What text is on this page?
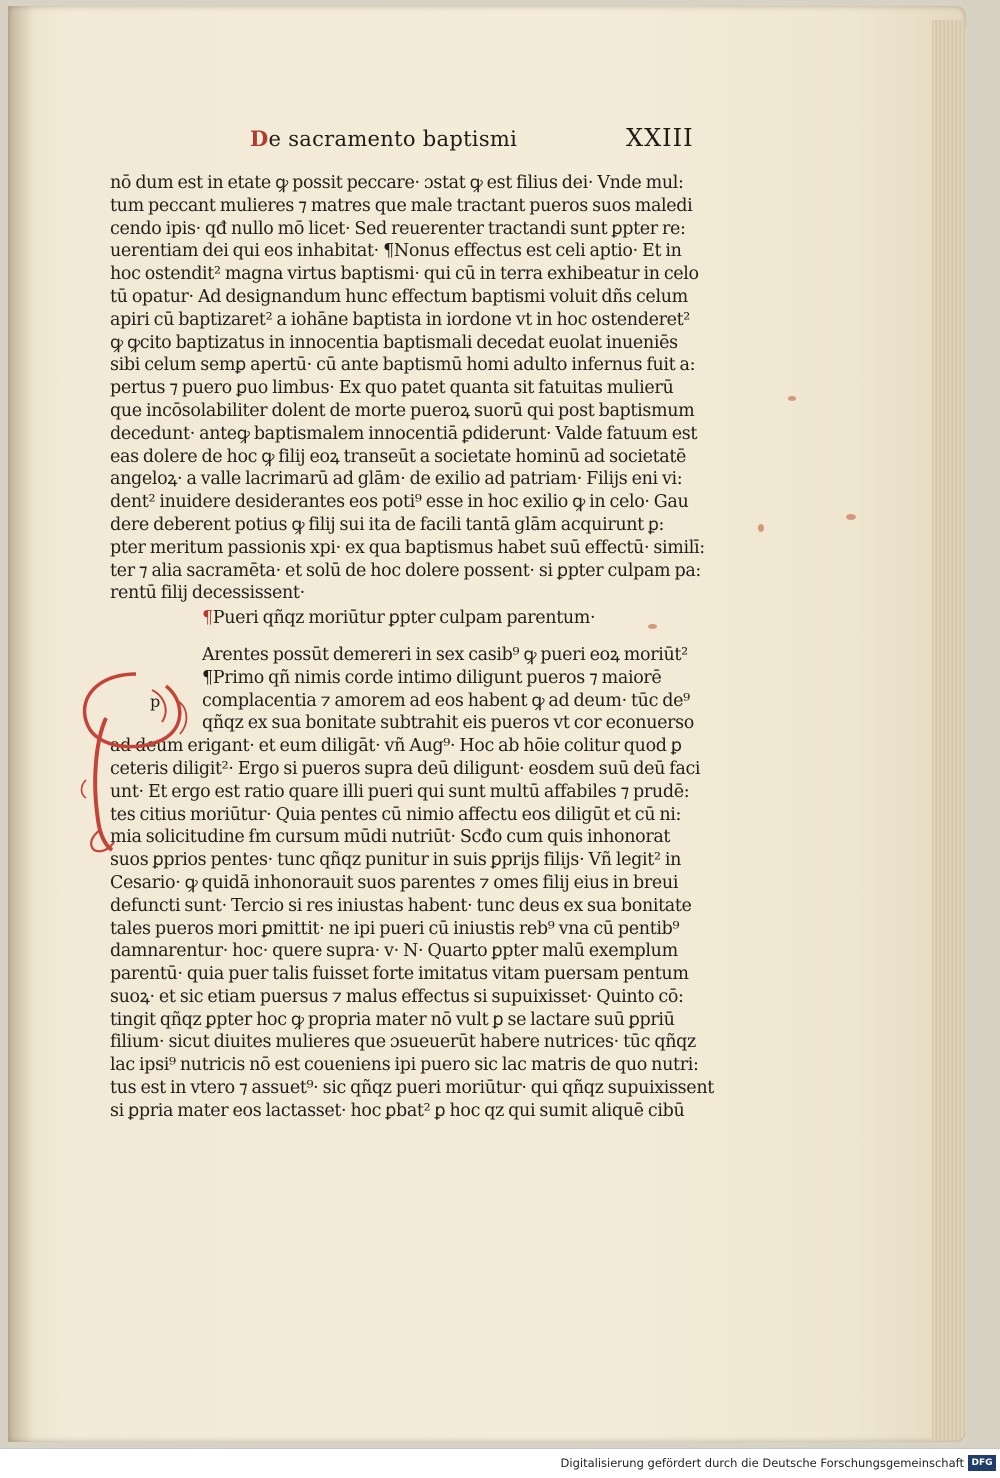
De sacramento baptismi	XXIII
nō dum est in etate ꝙ possit peccare· ɔstat ꝙ est filius dei· Vnde mul:
tum peccant mulieres ⁊ matres que male tractant pueros suos maledi
cendo ipis· qđ nullo mō licet· Sed reuerenter tractandi sunt ꝑpter re:
uerentiam dei qui eos inhabitat· ¶Nonus effectus est celi aptio· Et in
hoc ostendit² magna virtus baptismi· qui cū in terra exhibeatur in celo
tū opatur· Ad designandum hunc effectum baptismi voluit dñs celum
apiri cū baptizaret² a iohāne baptista in iordone vt in hoc ostenderet²
ꝙ ꝙcito baptizatus in innocentia baptismali decedat euolat inueniēs
sibi celum semꝑ apertū· cū ante baptismū homi adulto infernus fuit a:
pertus ⁊ puero ꝑuo limbus· Ex quo patet quanta sit fatuitas mulierū
que incōsolabiliter dolent de morte pueroꝝ suorū qui post baptismum
decedunt· anteꝙ baptismalem innocentiā ꝑdiderunt· Valde fatuum est
eas dolere de hoc ꝙ filij eoꝝ transeūt a societate hominū ad societatē
angeloꝝ· a valle lacrimarū ad glām· de exilio ad patriam· Filijs eni vi:
dent² inuidere desiderantes eos poti⁹ esse in hoc exilio ꝙ in celo· Gau
dere deberent potius ꝙ filij sui ita de facili tantā glām acquirunt ꝑ:
pter meritum passionis xpi· ex qua baptismus habet suū effectū· similī:
ter ⁊ alia sacramēta· et solū de hoc dolere possent· si ꝑpter culpam pa:
rentū filij decessissent·
¶Pueri qñqz moriūtur ꝑpter culpam parentum·
Arentes possūt demereri in sex casib⁹ ꝙ pueri eoꝝ moriūt²
¶Primo qñ nimis corde intimo diligunt pueros ⁊ maiorē
complacentia ⁊ amorem ad eos habent ꝙ ad deum· tūc de⁹
qñqz ex sua bonitate subtrahit eis pueros vt cor econuerso
ad deum erigant· et eum diligāt· vñ Aug⁹· Hoc ab hōie colitur quod ꝑ
ceteris diligit²· Ergo si pueros supra deū diligunt· eosdem suū deū faci
unt· Et ergo est ratio quare illi pueri qui sunt multū affabiles ⁊ prudē:
tes citius moriūtur· Quia pentes cū nimio affectu eos diligūt et cū ni:
mia solicitudine ẜm cursum mūdi nutriūt· Scđo cum quis inhonorat
suos ꝑprios pentes· tunc qñqz punitur in suis ꝑprijs filijs· Vñ legit² in
Cesario· ꝙ quidā inhonorauit suos parentes ⁊ omes filij eius in breui
defuncti sunt· Tercio si res iniustas habent· tunc deus ex sua bonitate
tales pueros mori ꝑmittit· ne ipi pueri cū iniustis reb⁹ vna cū pentib⁹
damnarentur· hoc· quere supra· v· N· Quarto ꝑpter malū exemplum
parentū· quia puer talis fuisset forte imitatus vitam puersam pentum
suoꝝ· et sic etiam puersus ⁊ malus effectus si supuixisset· Quinto cō:
tingit qñqz ꝑpter hoc ꝙ propria mater nō vult ꝑ se lactare suū ꝑpriū
filium· sicut diuites mulieres que ɔsueuerūt habere nutrices· tūc qñqz
lac ipsi⁹ nutricis nō est coueniens ipi puero sic lac matris de quo nutri:
tus est in vtero ⁊ assuet⁹· sic qñqz pueri moriūtur· qui qñqz supuixissent
si ꝑpria mater eos lactasset· hoc ꝑbat² ꝑ hoc qz qui sumit aliquē cibū
p
Digitalisierung gefördert durch die Deutsche Forschungsgemeinschaft DFG
